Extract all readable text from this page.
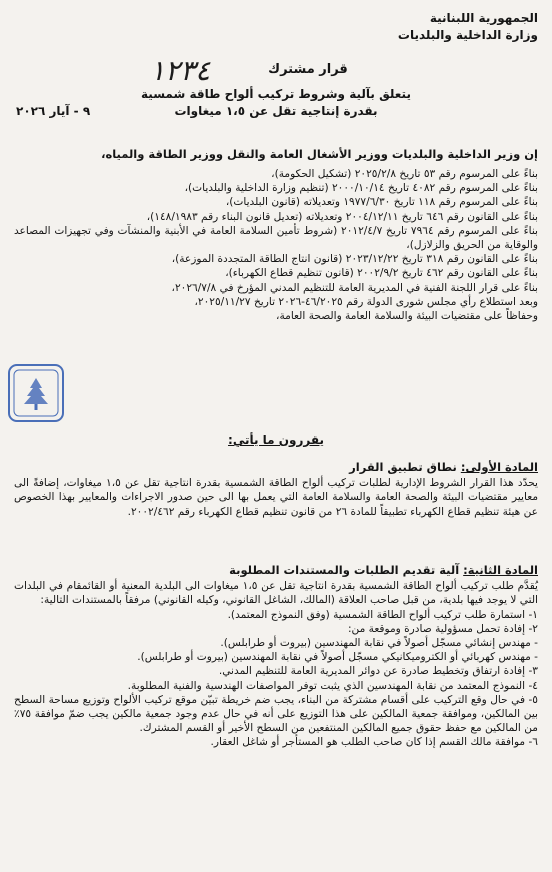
الجمهورية اللبنانية
وزارة الداخلية والبلديات
قرار مشترك
١٢٣٤
يتعلق بآلية وشروط تركيب ألواح طاقة شمسية
بقدرة إنتاجية تقل عن ١،٥ ميغاوات
٩ - آيار ٢٠٢٦
إن وزير الداخلية والبلديات ووزير الأشغال العامة والنقل ووزير الطاقة والمياه،

بناءً على المرسوم رقم ٥٣ تاريخ ٢٠٢٥/٢/٨ (تشكيل الحكومة)،

بناءً على المرسوم رقم ٤٠٨٢ تاريخ ٢٠٠٠/١٠/١٤ (تنظيم وزارة الداخلية والبلديات)،

بناءً على المرسوم رقم ١١٨ تاريخ ١٩٧٧/٦/٣٠ وتعديلاته (قانون البلديات)،

بناءً على القانون رقم ٦٤٦ تاريخ ٢٠٠٤/١٢/١١ وتعديلاته (تعديل قانون البناء رقم ١٤٨/١٩٨٣)،

بناءً على المرسوم رقم ٧٩٦٤ تاريخ ٢٠١٢/٤/٧ (شروط تأمين السلامة العامة في الأبنية والمنشآت وفي تجهيزات المصاعد والوقاية من الحريق والزلازل)،

بناءً على القانون رقم ٣١٨ تاريخ ٢٠٢٣/١٢/٢٢ (قانون انتاج الطاقة المتجددة الموزعة)،

بناءً على القانون رقم ٤٦٢ تاريخ ٢٠٠٢/٩/٢ (قانون تنظيم قطاع الكهرباء)،

بناءً على قرار اللجنة الفنية في المديرية العامة للتنظيم المدني المؤرخ في ٢٠٢٦/٧/٨،

وبعد استطلاع رأي مجلس شورى الدولة رقم ٤٦/٢٠٢٥-٢٠٢٦ تاريخ ٢٠٢٥/١١/٢٧،

وحفاظاً على مقتضيات البيئة والسلامة العامة والصحة العامة،

يقررون ما يأتي:
المادة الأولى: نطاق تطبيق القرار

يحدّد هذا القرار الشروط الإدارية لطلبات تركيب ألواح الطاقة الشمسية بقدرة انتاجية تقل عن ١،٥ ميغاوات، إضافةً الى معايير مقتضيات البيئة والصحة العامة والسلامة العامة التي يعمل بها الى حين صدور الاجراءات والمعايير بهذا الخصوص عن هيئة تنظيم قطاع الكهرباء تطبيقاً للمادة ٢٦ من قانون تنظيم قطاع الكهرباء رقم ٢٠٠٢/٤٦٢.

المادة الثانية: آلية تقديم الطلبات والمستندات المطلوبة

يُقدَّم طلب تركيب ألواح الطاقة الشمسية بقدرة انتاجية تقل عن ١،٥ ميغاوات الى البلدية المعنية أو القائمقام في البلدات التي لا يوجد فيها بلدية، من قبل صاحب العلاقة (المالك، الشاغل القانوني، وكيله القانوني) مرفقاً بالمستندات التالية:

١- استمارة طلب تركيب ألواح الطاقة الشمسية (وفق النموذج المعتمد).

٢- إفادة تحمل مسؤولية صادرة وموقعة من:

- مهندس إنشائي مسجّل أصولاً في نقابة المهندسين (بيروت أو طرابلس).

- مهندس كهربائي أو الكتروميكانيكي مسجّل أصولاً في نقابة المهندسين (بيروت أو طرابلس).

٣- إفادة ارتفاق وتخطيط صادرة عن دوائر المديرية العامة للتنظيم المدني.

٤- النموذج المعتمد من نقابة المهندسين الذي يثبت توفر المواصفات الهندسية والفنية المطلوبة.

٥- في حال وقع التركيب على أقسام مشتركة من البناء، يجب ضم خريطة تبيّن موقع تركيب الألواح وتوزيع مساحة السطح بين المالكين، وموافقة جمعية المالكين على هذا التوزيع على أنه في حال عدم وجود جمعية مالكين يجب ضمّ موافقة ٧٥٪ من المالكين مع حفظ حقوق جميع المالكين المنتفعين من السطح الأخير أو القسم المشترك.

٦- موافقة مالك القسم إذا كان صاحب الطلب هو المستأجر أو شاغل العقار.
